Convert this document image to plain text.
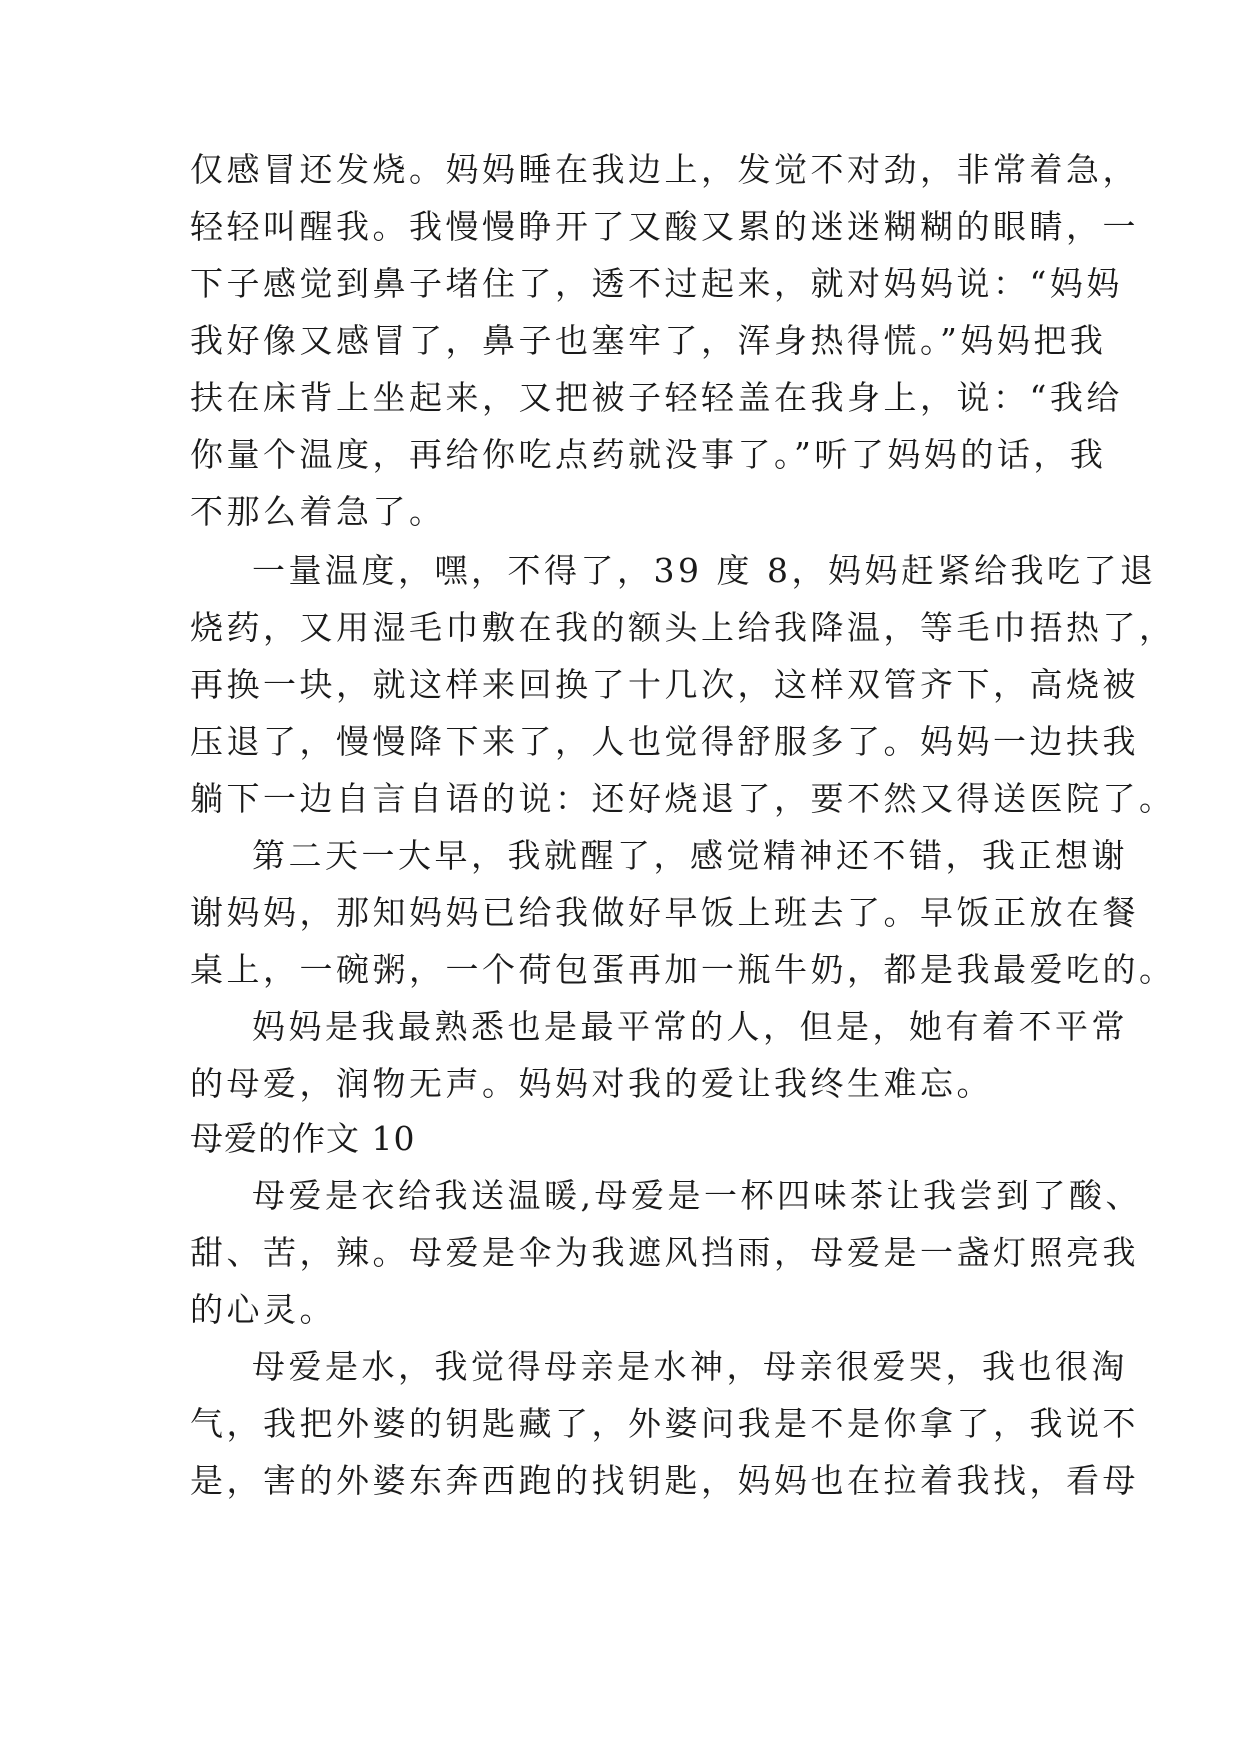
仅感冒还发烧。妈妈睡在我边上，发觉不对劲，非常着急，

轻轻叫醒我。我慢慢睁开了又酸又累的迷迷糊糊的眼睛，一

下子感觉到鼻子堵住了，透不过起来，就对妈妈说：“妈妈

我好像又感冒了，鼻子也塞牢了，浑身热得慌。”妈妈把我

扶在床背上坐起来，又把被子轻轻盖在我身上，说：“我给

你量个温度，再给你吃点药就没事了。”听了妈妈的话，我

不那么着急了。

一量温度，嘿，不得了，39 度 8，妈妈赶紧给我吃了退

烧药，又用湿毛巾敷在我的额头上给我降温，等毛巾捂热了，

再换一块，就这样来回换了十几次，这样双管齐下，高烧被

压退了，慢慢降下来了，人也觉得舒服多了。妈妈一边扶我

躺下一边自言自语的说：还好烧退了，要不然又得送医院了。

第二天一大早，我就醒了，感觉精神还不错，我正想谢

谢妈妈，那知妈妈已给我做好早饭上班去了。早饭正放在餐

桌上，一碗粥，一个荷包蛋再加一瓶牛奶，都是我最爱吃的。

妈妈是我最熟悉也是最平常的人，但是，她有着不平常

的母爱，润物无声。妈妈对我的爱让我终生难忘。

母爱的作文 10

母爱是衣给我送温暖,母爱是一杯四味茶让我尝到了酸、

甜、苦，辣。母爱是伞为我遮风挡雨，母爱是一盏灯照亮我

的心灵。

母爱是水，我觉得母亲是水神，母亲很爱哭，我也很淘

气，我把外婆的钥匙藏了，外婆问我是不是你拿了，我说不

是，害的外婆东奔西跑的找钥匙，妈妈也在拉着我找，看母
